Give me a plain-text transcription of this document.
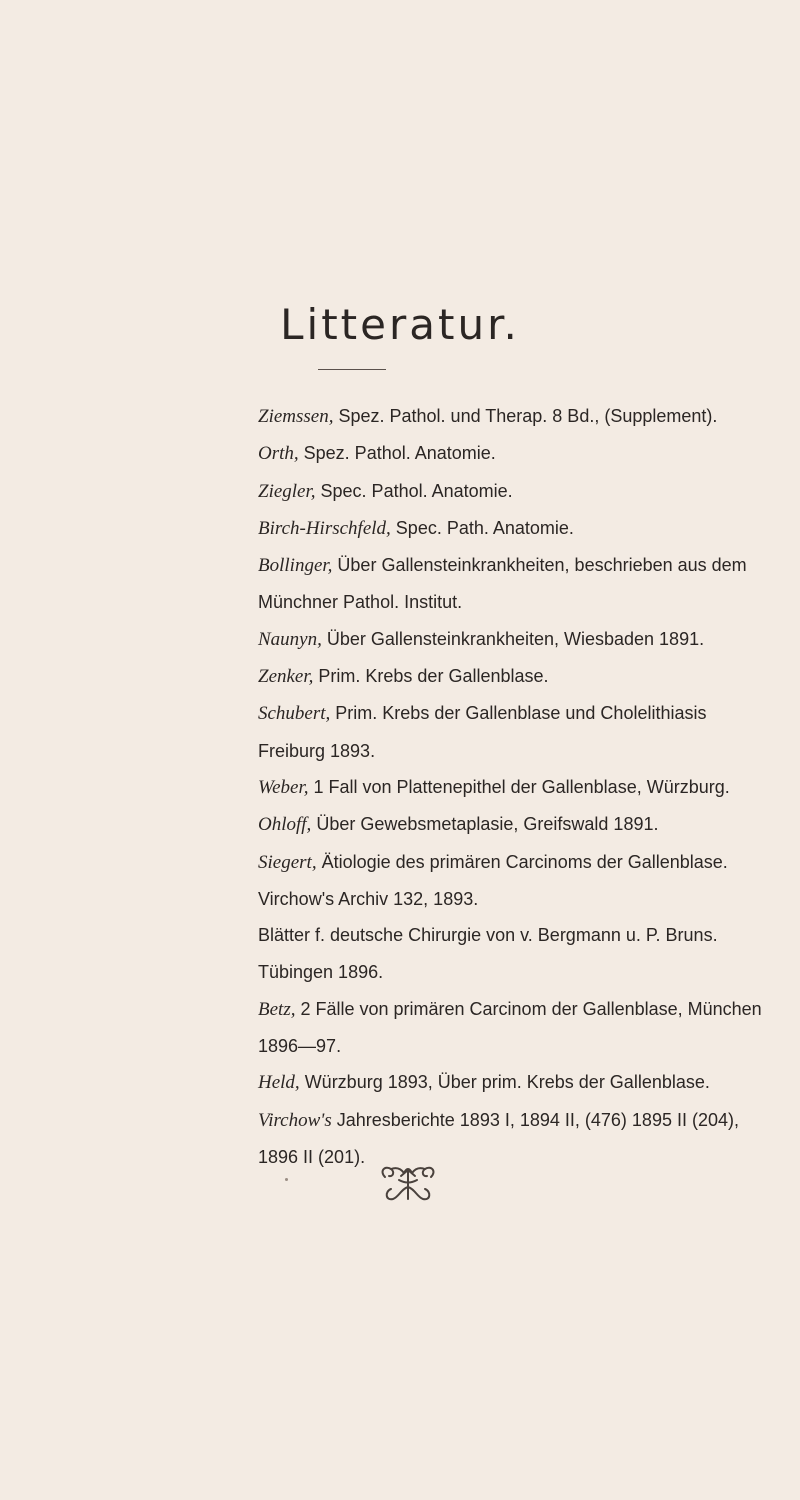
Litteratur.

Ziemssen, Spez. Pathol. und Therap. 8 Bd., (Supplement).

Orth, Spez. Pathol. Anatomie.

Ziegler, Spec. Pathol. Anatomie.

Birch-Hirschfeld, Spec. Path. Anatomie.

Bollinger, Über Gallensteinkrankheiten, beschrieben aus dem Münchner Pathol. Institut.

Naunyn, Über Gallensteinkrankheiten, Wiesbaden 1891.

Zenker, Prim. Krebs der Gallenblase.

Schubert, Prim. Krebs der Gallenblase und Cholelithiasis Freiburg 1893.

Weber, 1 Fall von Plattenepithel der Gallenblase, Würzburg.

Ohloff, Über Gewebsmetaplasie, Greifswald 1891.

Siegert, Ätiologie des primären Carcinoms der Gallenblase. Virchow's Archiv 132, 1893.

Blätter f. deutsche Chirurgie von v. Bergmann u. P. Bruns. Tübingen 1896.

Betz, 2 Fälle von primären Carcinom der Gallenblase, München 1896—97.

Held, Würzburg 1893, Über prim. Krebs der Gallenblase.

Virchow's Jahresberichte 1893 I, 1894 II, (476) 1895 II (204), 1896 II (201).
